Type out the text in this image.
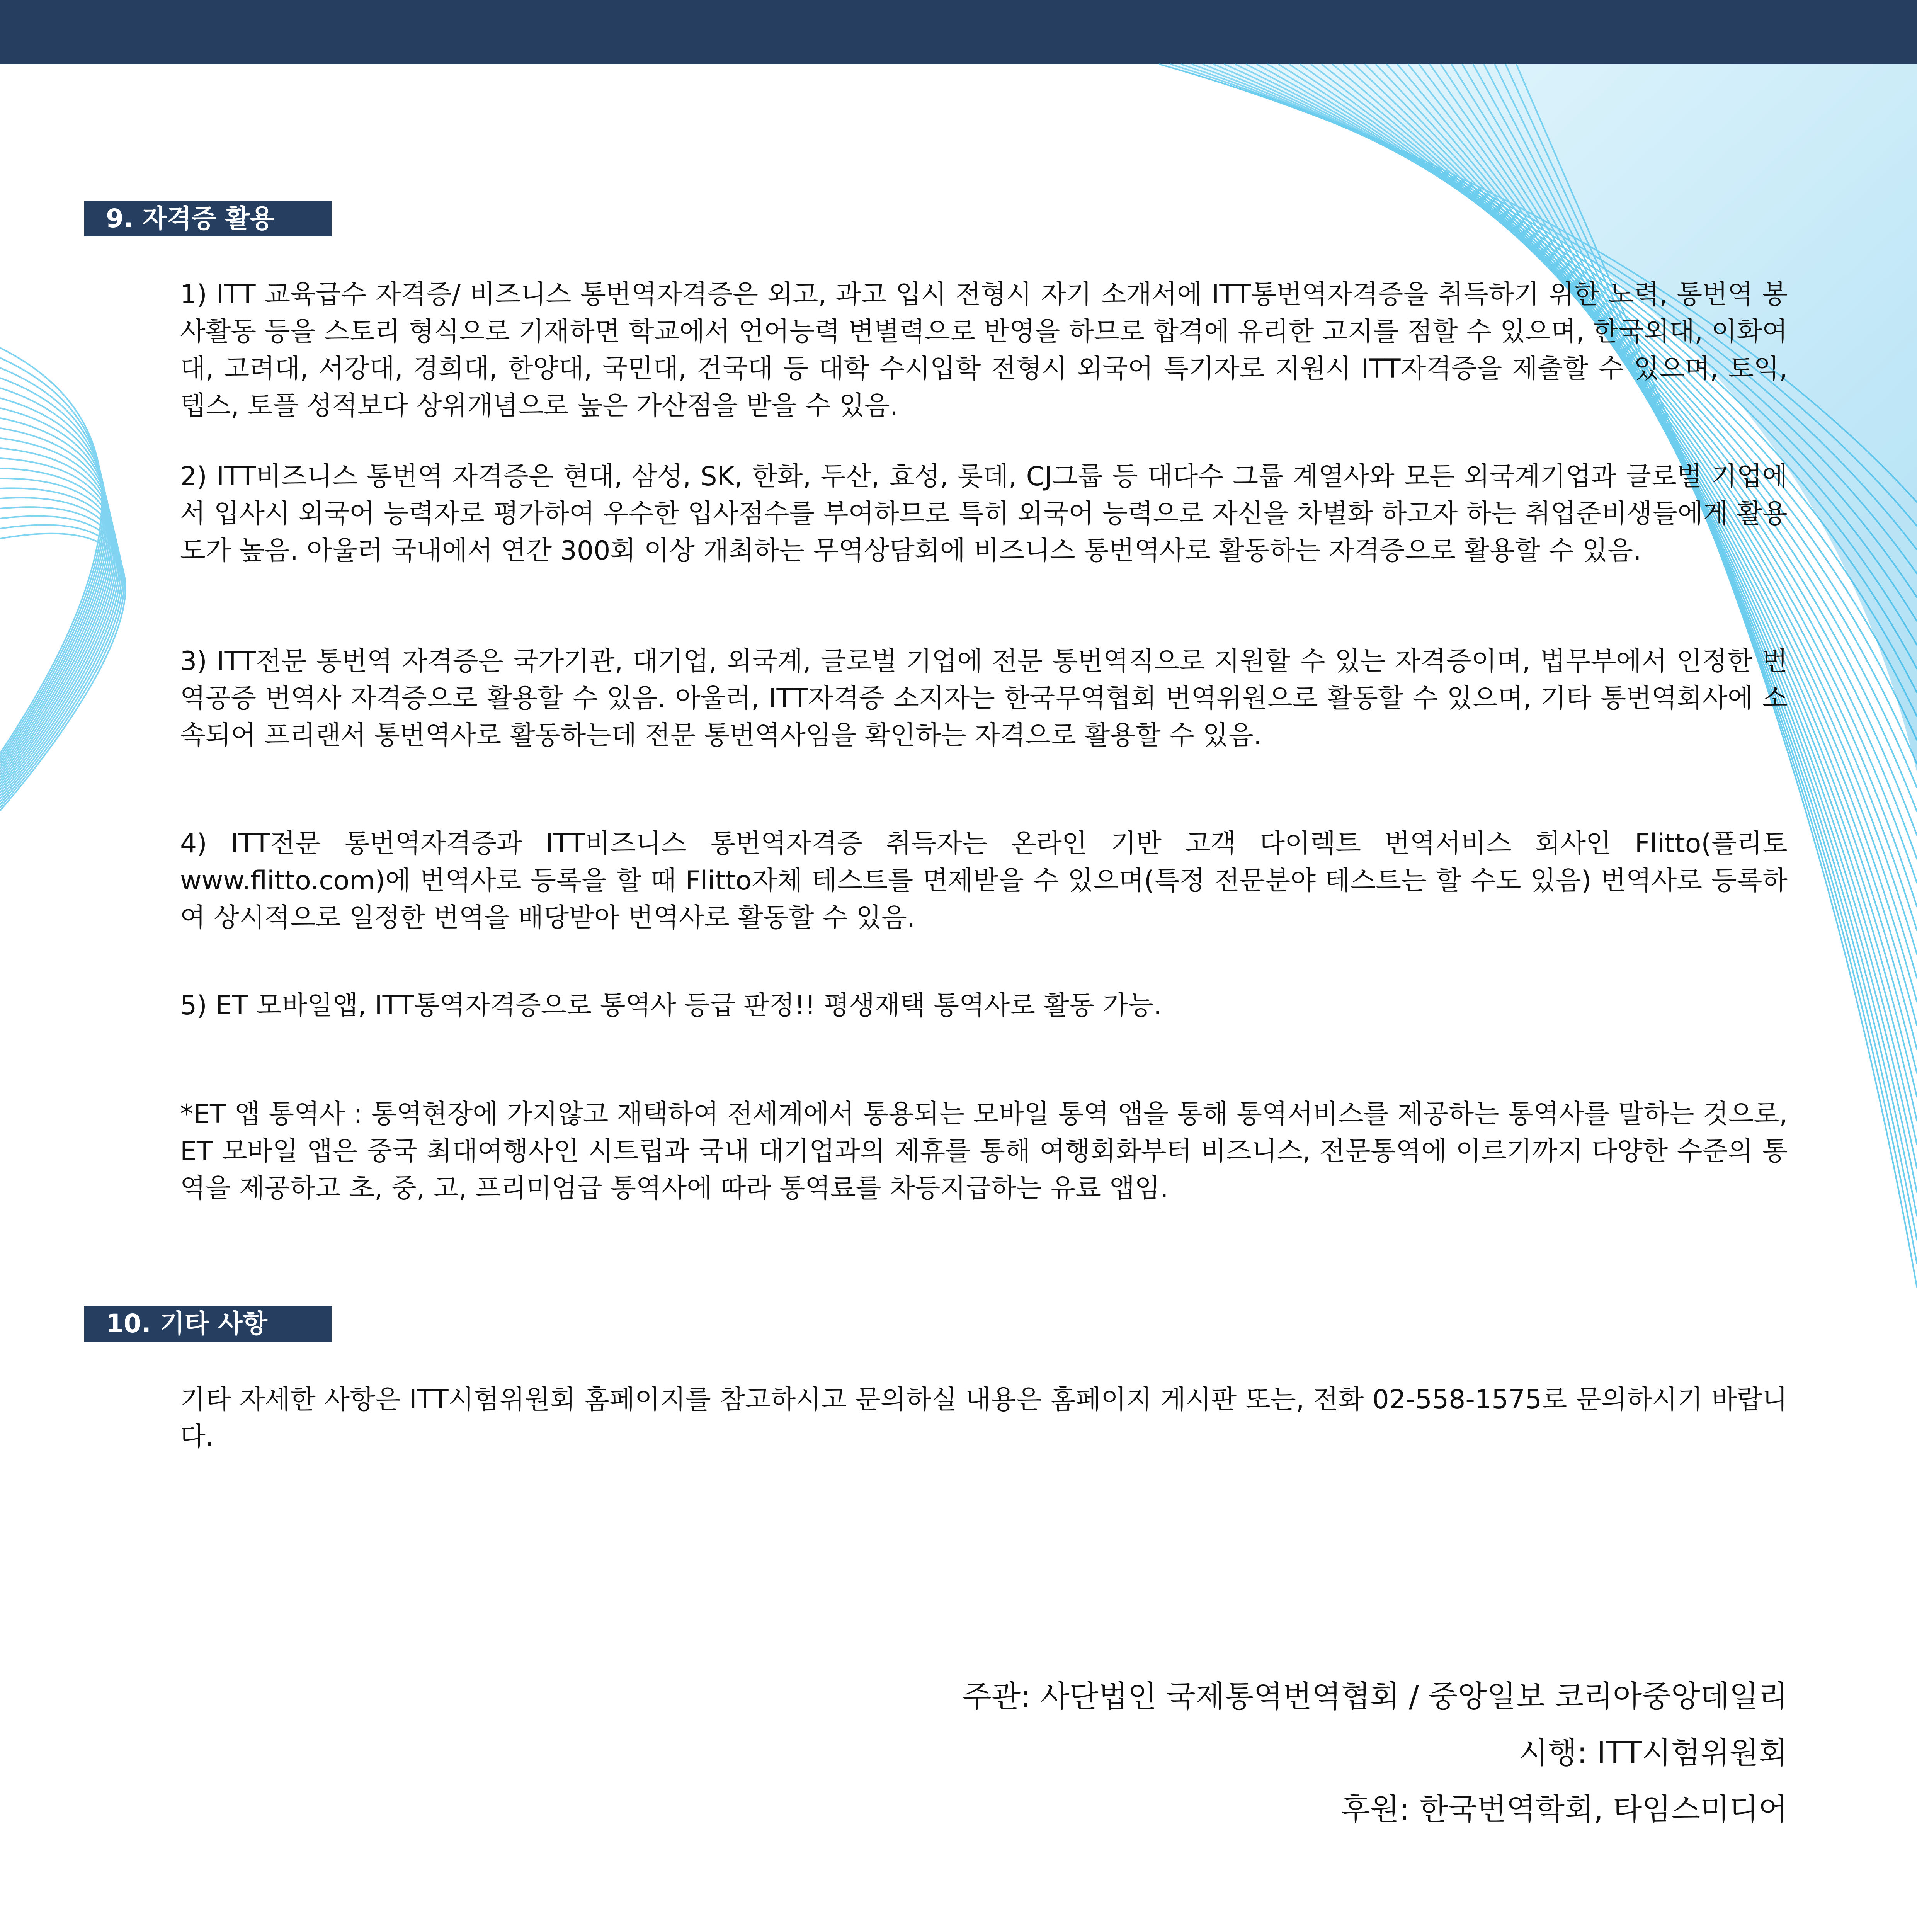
9. 자격증 활용

1) ITT 교육급수 자격증/ 비즈니스 통번역자격증은 외고, 과고 입시 전형시 자기 소개서에 ITT통번역자격증을 취득하기 위한 노력, 통번역 봉사활동 등을 스토리 형식으로 기재하면 학교에서 언어능력 변별력으로 반영을 하므로 합격에 유리한 고지를 점할 수 있으며, 한국외대, 이화여대, 고려대, 서강대, 경희대, 한양대, 국민대, 건국대 등 대학 수시입학 전형시 외국어 특기자로 지원시 ITT자격증을 제출할 수 있으며, 토익, 텝스, 토플 성적보다 상위개념으로 높은 가산점을 받을 수 있음.

2) ITT비즈니스 통번역 자격증은 현대, 삼성, SK, 한화, 두산, 효성, 롯데, CJ그룹 등 대다수 그룹 계열사와 모든 외국계기업과 글로벌 기업에서 입사시 외국어 능력자로 평가하여 우수한 입사점수를 부여하므로 특히 외국어 능력으로 자신을 차별화 하고자 하는 취업준비생들에게 활용도가 높음. 아울러 국내에서 연간 300회 이상 개최하는 무역상담회에 비즈니스 통번역사로 활동하는 자격증으로 활용할 수 있음.

3) ITT전문 통번역 자격증은 국가기관, 대기업, 외국계, 글로벌 기업에 전문 통번역직으로 지원할 수 있는 자격증이며, 법무부에서 인정한 번역공증 번역사 자격증으로 활용할 수 있음. 아울러, ITT자격증 소지자는 한국무역협회 번역위원으로 활동할 수 있으며, 기타 통번역회사에 소속되어 프리랜서 통번역사로 활동하는데 전문 통번역사임을 확인하는 자격으로 활용할 수 있음.

4) ITT전문 통번역자격증과 ITT비즈니스 통번역자격증 취득자는 온라인 기반 고객 다이렉트 번역서비스 회사인 Flitto(플리토 www.flitto.com)에 번역사로 등록을 할 때 Flitto자체 테스트를 면제받을 수 있으며(특정 전문분야 테스트는 할 수도 있음) 번역사로 등록하여 상시적으로 일정한 번역을 배당받아 번역사로 활동할 수 있음.

5) ET 모바일앱, ITT통역자격증으로 통역사 등급 판정!! 평생재택 통역사로 활동 가능.

*ET 앱 통역사 : 통역현장에 가지않고 재택하여 전세계에서 통용되는 모바일 통역 앱을 통해 통역서비스를 제공하는 통역사를 말하는 것으로, ET 모바일 앱은 중국 최대여행사인 시트립과 국내 대기업과의 제휴를 통해 여행회화부터 비즈니스, 전문통역에 이르기까지 다양한 수준의 통역을 제공하고 초, 중, 고, 프리미엄급 통역사에 따라 통역료를 차등지급하는 유료 앱임.

10. 기타 사항

기타 자세한 사항은 ITT시험위원회 홈페이지를 참고하시고 문의하실 내용은 홈페이지 게시판 또는, 전화 02-558-1575로 문의하시기 바랍니다.

주관: 사단법인 국제통역번역협회 / 중앙일보 코리아중앙데일리
시행: ITT시험위원회
후원: 한국번역학회, 타임스미디어
